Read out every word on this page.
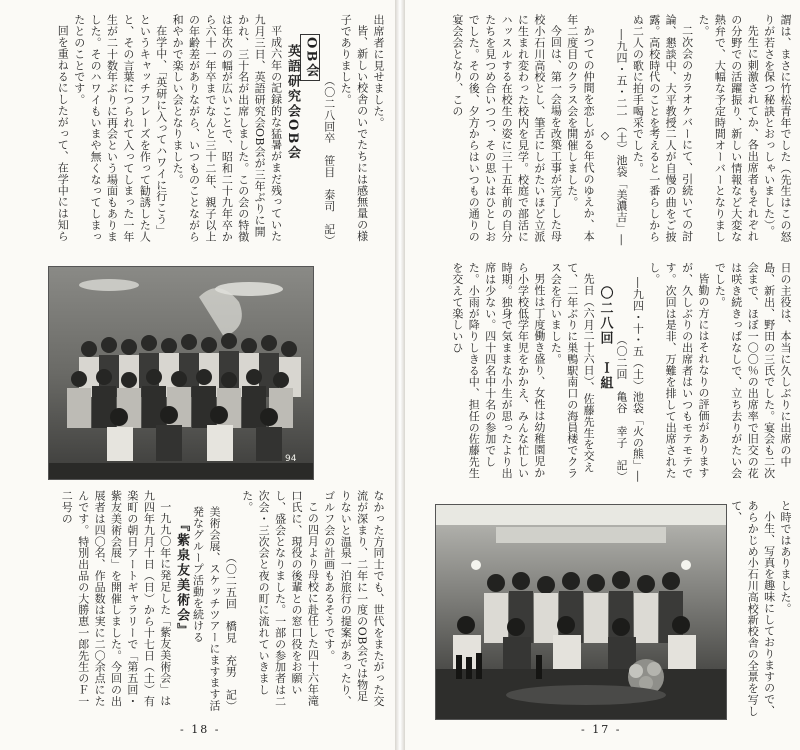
出席者に見せました。

皆、新しい校舎のいでたちには感無量の様子でありました。

（〇二八回卒　笹目　泰司　記）

OB会

英語研究会OB会

平成六年の記録的な猛暑がまだ残っていた九月三日、英語研究会OB会が三年ぶりに開かれ、三十名が出席しました。この会の特徴は年次の幅が広いことで、昭和二十九年卒から六十一年卒までなんと三十二年、親子以上の年齢差がありながら、いつものことながら和やかで楽しい会となりました。

在学中、「英研に入ってハワイに行こう」というキャッチフレーズを作って勧誘した人と、その言葉につられて入ってしまった一年生が二十数年ぶりに再会という場面もありました。そのハワイもいまや無くなってしまったとのことです。

回を重ねるにしたがって、在学中には知ら

94

なかった方同士でも、世代をまたがった交流が深まり、二年に一度のOB会では物足りないと温泉一泊旅行の提案があったり、ゴルフ会の計画もあるそうです。

この四月より母校に赴任した四十六年滝口氏に、現役の後輩との窓口役をお願いし、盛会となりました。一部の参加者は二次会・三次会と夜の町に流れていきました。

（〇二五回　橋見　充男　記）

美術会展、スケッチツアーにますます活発なグループ活動を続ける

『紫泉友美術会』

一九九〇年に発足した「紫友美術会」は九四年九月十日（日）から十七日（土）有楽町の朝日アートギャラリーで「第五回・紫友美術会展」を開催しました。今回の出展者は四〇名、作品数は実に二〇余点にたんです。特別出品の大勝恵一郎先生のＦ一二号の

- 18 -

謂は、まさに竹松青年でした（先生はこの怒りが若さを保つ秘訣とおっしゃいました）。

先生に刺激されてか、各出席者もそれぞれの分野での活躍振り、新しい情報など大変な熱弁で、大幅な予定時間オーバーとなりました。

二次会のカラオケバーにて、引続いての討論、懇談中、大平教授二人が自慢の曲をご披露。高校時代のことを考えると一番らしからぬ二人の歌に拍手喝采でした。

―九四・五・二一（土）池袋「美濃吉」―

◇

かつての仲間を恋しがる年代のゆえか、本年二度目のクラス会を開催しました。

今回は、第一会場を改築工事が完了した母校小石川高校とし、筆舌にしがたいほど立派に生まれ変わった校内を見学。校庭で部活にハッスルする在校生の姿に三十五年前の自分たちを見つめ合いつつ、その思いはひとしおでした。その後、夕方からはいつもの通りの宴会会となり、この

日の主役は、本当に久しぶりに出席の中島、新出、野田の三氏でした。宴会も二次会まで、ほぼ一〇〇％の出席率で旧交の花は咲き続きっぱなしで、立ち去りがたい会でした。

皆勤の方にはそれなりの評価がありますが、久しぶりの出席者はいつもモテモテです。次回は是非、万難を排して出席されたし。

―九四・十・五（土）池袋「火の熊」―

（〇二回　亀谷　幸子　記）

〇二八回　Ｉ組

先日（六月二十六日）、佐藤先生を交えて、二年ぶりに巣鴨駅南口の海員楼でクラス会を行いました。

男性は丁度働き盛り、女性は幼稚園児から小学校低学年児をかかえ、みんな忙しい時期。独身で気ままな小生が思ったより出席は少ない。四十四名中十名の参加でした。小雨が降りしきる中、担任の佐藤先生を交えて楽しいひ

と時ではありました。

小生、写真を趣味にしておりますので、あらかじめ小石川高校新校舎の全景を写して、

- 17 -
